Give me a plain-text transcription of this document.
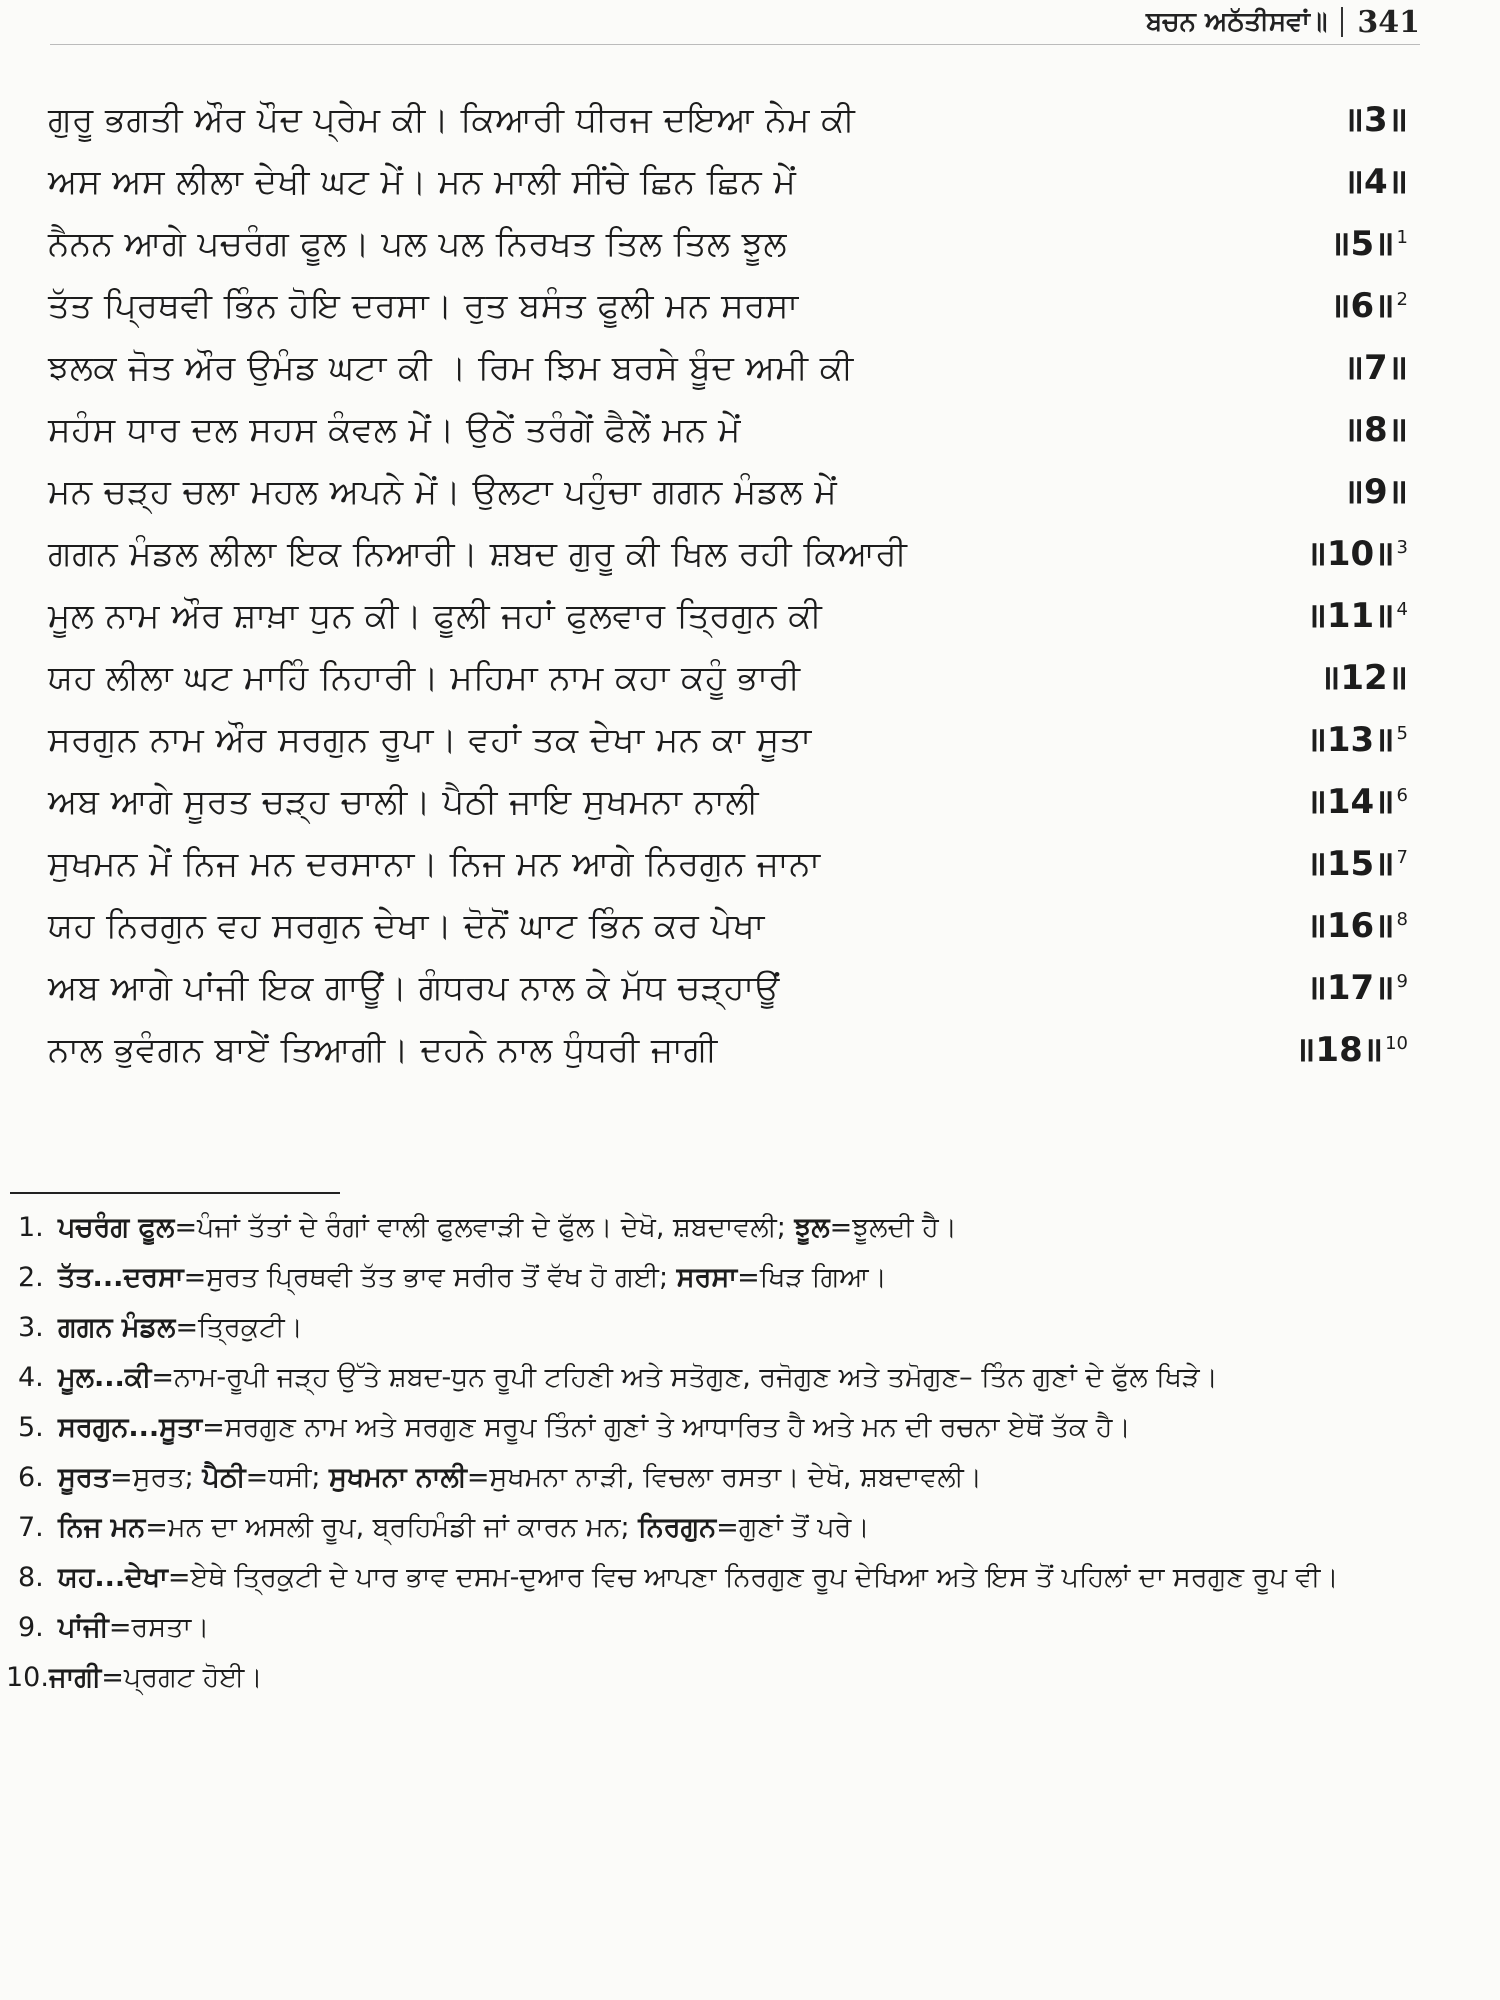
ਬਚਨ ਅਠੱਤੀਸਵਾਂ॥ 341
ਗੁਰੂ ਭਗਤੀ ਔਰ ਪੌਦ ਪ੍ਰੇਮ ਕੀ। ਕਿਆਰੀ ਧੀਰਜ ਦਇਆ ਨੇਮ ਕੀ	॥3॥
ਅਸ ਅਸ ਲੀਲਾ ਦੇਖੀ ਘਟ ਮੇਂ। ਮਨ ਮਾਲੀ ਸੀਂਚੇ ਛਿਨ ਛਿਨ ਮੇਂ	॥4॥
ਨੈਨਨ ਆਗੇ ਪਚਰੰਗ ਫੂਲ। ਪਲ ਪਲ ਨਿਰਖਤ ਤਿਲ ਤਿਲ ਝੂਲ	॥5॥ $^1$
ਤੱਤ ਪ੍ਰਿਥਵੀ ਭਿੰਨ ਹੋਇ ਦਰਸਾ। ਰੁਤ ਬਸੰਤ ਫੂਲੀ ਮਨ ਸਰਸਾ	॥6॥ $^2$
ਝਲਕ ਜੋਤ ਔਰ ਉਮੰਡ ਘਟਾ ਕੀ । ਰਿਮ ਝਿਮ ਬਰਸੇ ਬੂੰਦ ਅਮੀ ਕੀ	॥7॥
ਸਹੰਸ ਧਾਰ ਦਲ ਸਹਸ ਕੰਵਲ ਮੇਂ। ਉਠੇਂ ਤਰੰਗੇਂ ਫੈਲੇਂ ਮਨ ਮੇਂ	॥8॥
ਮਨ ਚੜ੍ਹ ਚਲਾ ਮਹਲ ਅਪਨੇ ਮੇਂ। ਉਲਟਾ ਪਹੁੰਚਾ ਗਗਨ ਮੰਡਲ ਮੇਂ	॥9॥
ਗਗਨ ਮੰਡਲ ਲੀਲਾ ਇਕ ਨਿਆਰੀ। ਸ਼ਬਦ ਗੁਰੂ ਕੀ ਖਿਲ ਰਹੀ ਕਿਆਰੀ	॥10॥ $^3$
ਮੂਲ ਨਾਮ ਔਰ ਸ਼ਾਖ਼ਾ ਧੁਨ ਕੀ। ਫੂਲੀ ਜਹਾਂ ਫੁਲਵਾਰ ਤ੍ਰਿਗੁਨ ਕੀ	॥11॥ $^4$
ਯਹ ਲੀਲਾ ਘਟ ਮਾਹਿੰ ਨਿਹਾਰੀ। ਮਹਿਮਾ ਨਾਮ ਕਹਾ ਕਹੂੰ ਭਾਰੀ	॥12॥
ਸਰਗੁਨ ਨਾਮ ਔਰ ਸਰਗੁਨ ਰੂਪਾ। ਵਹਾਂ ਤਕ ਦੇਖਾ ਮਨ ਕਾ ਸੂਤਾ	॥13॥ $^5$
ਅਬ ਆਗੇ ਸੂਰਤ ਚੜ੍ਹ ਚਾਲੀ। ਪੈਠੀ ਜਾਇ ਸੁਖਮਨਾ ਨਾਲੀ	॥14॥ $^6$
ਸੁਖਮਨ ਮੇਂ ਨਿਜ ਮਨ ਦਰਸਾਨਾ। ਨਿਜ ਮਨ ਆਗੇ ਨਿਰਗੁਨ ਜਾਨਾ	॥15॥ $^7$
ਯਹ ਨਿਰਗੁਨ ਵਹ ਸਰਗੁਨ ਦੇਖਾ। ਦੋਨੋਂ ਘਾਟ ਭਿੰਨ ਕਰ ਪੇਖਾ	॥16॥ $^8$
ਅਬ ਆਗੇ ਪਾਂਜੀ ਇਕ ਗਾਊਂ। ਗੰਧਰਪ ਨਾਲ ਕੇ ਮੱਧ ਚੜ੍ਹਾਊਂ	॥17॥ $^9$
ਨਾਲ ਭੁਵੰਗਨ ਬਾਏਂ ਤਿਆਗੀ। ਦਹਨੇ ਨਾਲ ਧੁੰਧਰੀ ਜਾਗੀ	॥18॥ $^{10}$
1. ਪਚਰੰਗ ਫੂਲ=ਪੰਜਾਂ ਤੱਤਾਂ ਦੇ ਰੰਗਾਂ ਵਾਲੀ ਫੁਲਵਾੜੀ ਦੇ ਫੁੱਲ। ਦੇਖੋ, ਸ਼ਬਦਾਵਲੀ; ਝੂਲ=ਝੂਲਦੀ ਹੈ।
2. ਤੱਤ...ਦਰਸਾ=ਸੁਰਤ ਪ੍ਰਿਥਵੀ ਤੱਤ ਭਾਵ ਸਰੀਰ ਤੋਂ ਵੱਖ ਹੋ ਗਈ; ਸਰਸਾ=ਖਿੜ ਗਿਆ।
3. ਗਗਨ ਮੰਡਲ=ਤ੍ਰਿਕੁਟੀ।
4. ਮੂਲ...ਕੀ=ਨਾਮ-ਰੂਪੀ ਜੜ੍ਹ ਉੱਤੇ ਸ਼ਬਦ-ਧੁਨ ਰੂਪੀ ਟਹਿਣੀ ਅਤੇ ਸਤੋਗੁਣ, ਰਜੋਗੁਣ ਅਤੇ ਤਮੋਗੁਣ– ਤਿੰਨ ਗੁਣਾਂ ਦੇ ਫੁੱਲ ਖਿੜੇ।
5. ਸਰਗੁਨ...ਸੂਤਾ=ਸਰਗੁਣ ਨਾਮ ਅਤੇ ਸਰਗੁਣ ਸਰੂਪ ਤਿੰਨਾਂ ਗੁਣਾਂ ਤੇ ਆਧਾਰਿਤ ਹੈ ਅਤੇ ਮਨ ਦੀ ਰਚਨਾ ਏਥੋਂ ਤੱਕ ਹੈ।
6. ਸੂਰਤ=ਸੁਰਤ; ਪੈਠੀ=ਧਸੀ; ਸੁਖਮਨਾ ਨਾਲੀ=ਸੁਖਮਨਾ ਨਾੜੀ, ਵਿਚਲਾ ਰਸਤਾ। ਦੇਖੋ, ਸ਼ਬਦਾਵਲੀ।
7. ਨਿਜ ਮਨ=ਮਨ ਦਾ ਅਸਲੀ ਰੂਪ, ਬ੍ਰਹਿਮੰਡੀ ਜਾਂ ਕਾਰਨ ਮਨ; ਨਿਰਗੁਨ=ਗੁਣਾਂ ਤੋਂ ਪਰੇ।
8. ਯਹ...ਦੇਖਾ=ਏਥੇ ਤ੍ਰਿਕੁਟੀ ਦੇ ਪਾਰ ਭਾਵ ਦਸਮ-ਦੁਆਰ ਵਿਚ ਆਪਣਾ ਨਿਰਗੁਣ ਰੂਪ ਦੇਖਿਆ ਅਤੇ ਇਸ ਤੋਂ ਪਹਿਲਾਂ ਦਾ ਸਰਗੁਣ ਰੂਪ ਵੀ।
9. ਪਾਂਜੀ=ਰਸਤਾ।
10. ਜਾਗੀ=ਪ੍ਰਗਟ ਹੋਈ।
